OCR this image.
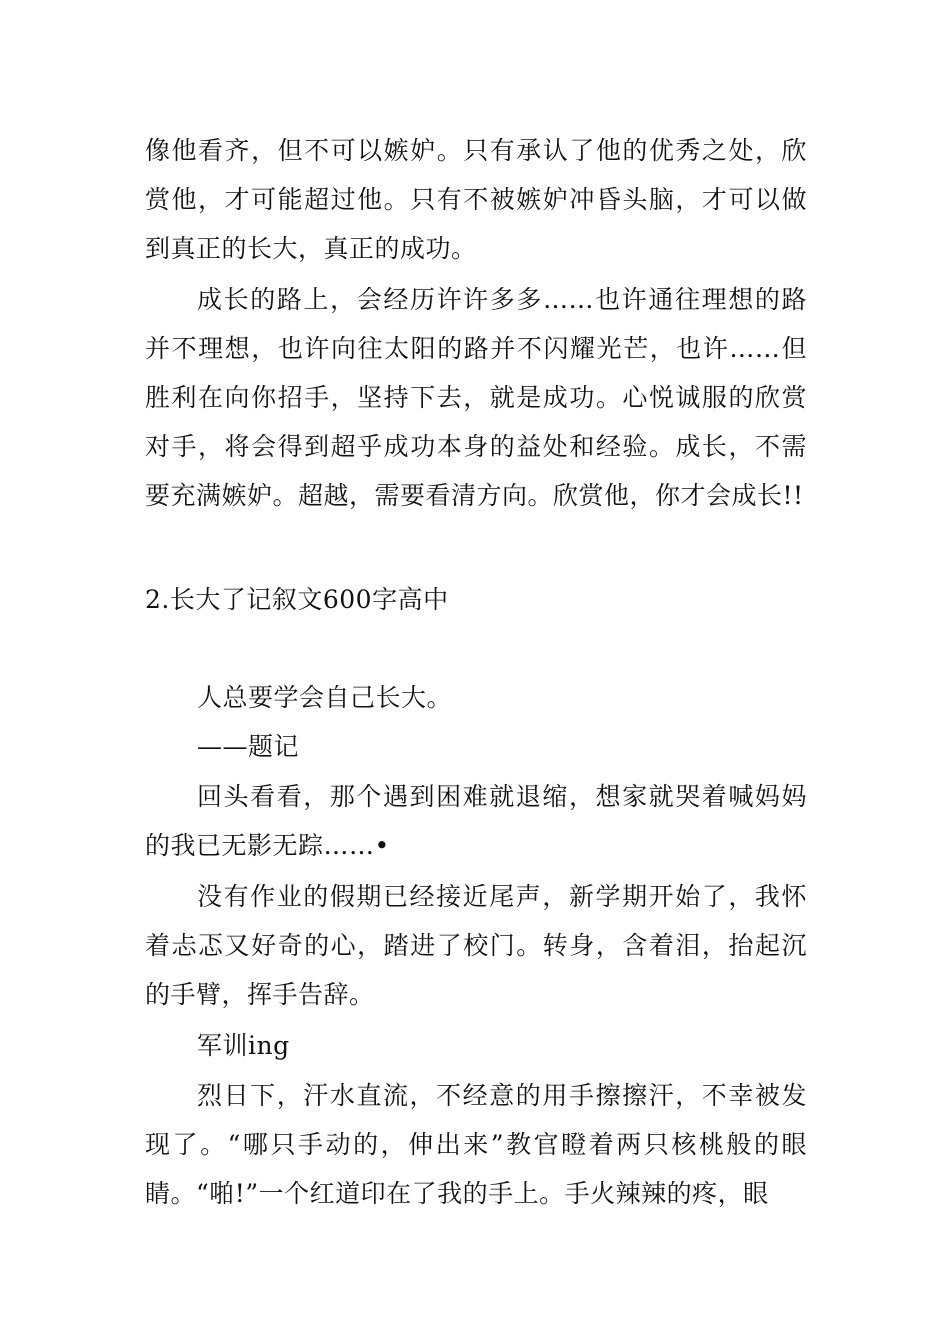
像他看齐，但不可以嫉妒。只有承认了他的优秀之处，欣赏他，才可能超过他。只有不被嫉妒冲昏头脑，才可以做到真正的长大，真正的成功。

成长的路上，会经历许许多多……也许通往理想的路并不理想，也许向往太阳的路并不闪耀光芒，也许……但胜利在向你招手，坚持下去，就是成功。心悦诚服的欣赏对手，将会得到超乎成功本身的益处和经验。成长，不需要充满嫉妒。超越，需要看清方向。欣赏他，你才会成长!!

2.长大了记叙文600字高中

人总要学会自己长大。

——题记

回头看看，那个遇到困难就退缩，想家就哭着喊妈妈的我已无影无踪……•

没有作业的假期已经接近尾声，新学期开始了，我怀着忐忑又好奇的心，踏进了校门。转身，含着泪，抬起沉的手臂，挥手告辞。

军训ing

烈日下，汗水直流，不经意的用手擦擦汗，不幸被发现了。“哪只手动的，伸出来”教官瞪着两只核桃般的眼睛。“啪!”一个红道印在了我的手上。手火辣辣的疼，眼
